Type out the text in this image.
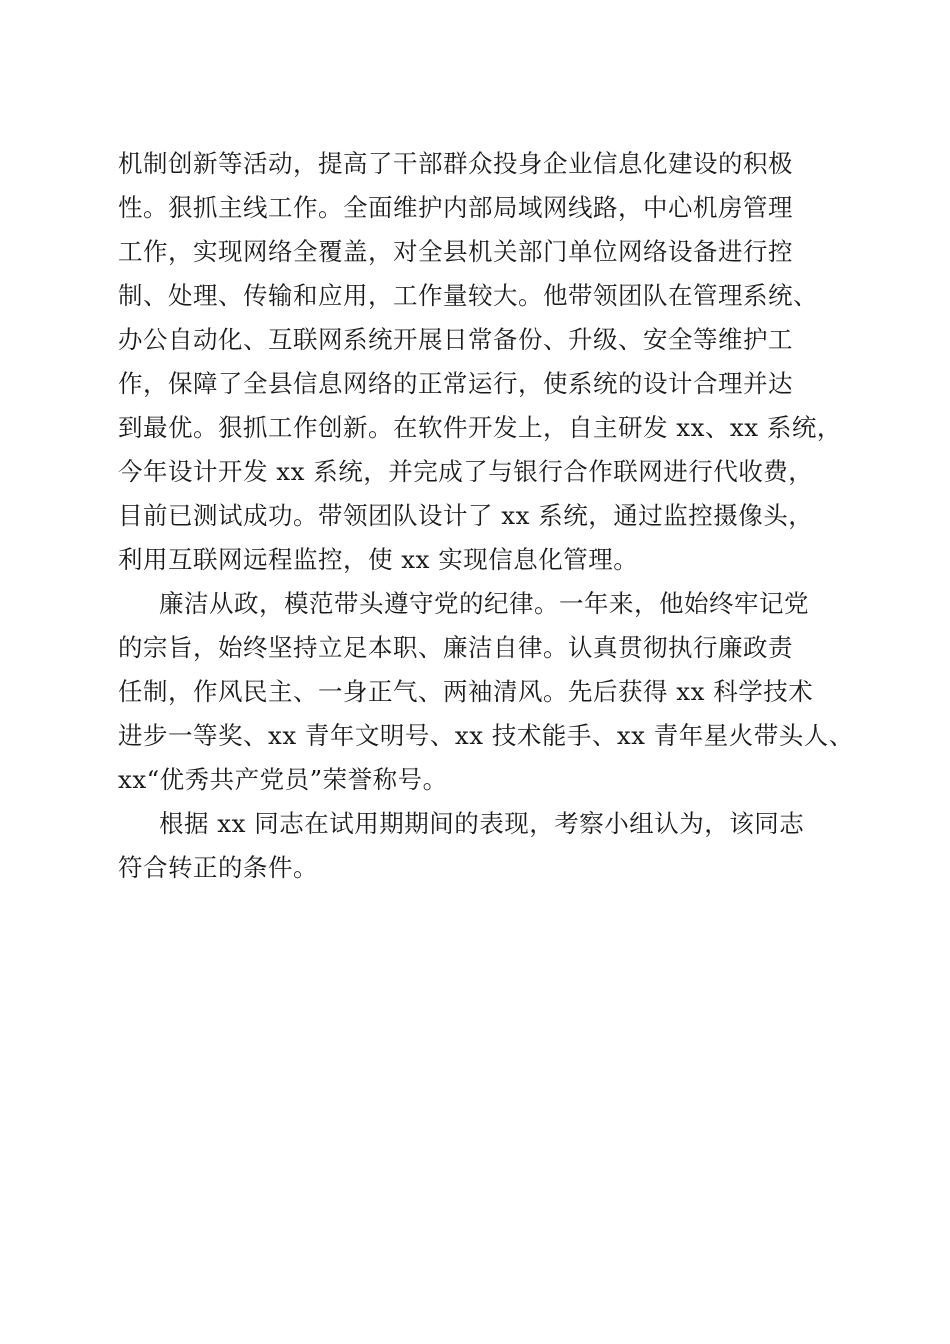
机制创新等活动，提高了干部群众投身企业信息化建设的积极
性。狠抓主线工作。全面维护内部局域网线路，中心机房管理
工作，实现网络全覆盖，对全县机关部门单位网络设备进行控
制、处理、传输和应用，工作量较大。他带领团队在管理系统、
办公自动化、互联网系统开展日常备份、升级、安全等维护工
作，保障了全县信息网络的正常运行，使系统的设计合理并达
到最优。狠抓工作创新。在软件开发上，自主研发 xx、xx 系统，
今年设计开发 xx 系统，并完成了与银行合作联网进行代收费，
目前已测试成功。带领团队设计了 xx 系统，通过监控摄像头，
利用互联网远程监控，使 xx 实现信息化管理。
廉洁从政，模范带头遵守党的纪律。一年来，他始终牢记党
的宗旨，始终坚持立足本职、廉洁自律。认真贯彻执行廉政责
任制，作风民主、一身正气、两袖清风。先后获得 xx 科学技术
进步一等奖、xx 青年文明号、xx 技术能手、xx 青年星火带头人、
xx“优秀共产党员”荣誉称号。
根据 xx 同志在试用期期间的表现，考察小组认为，该同志
符合转正的条件。
